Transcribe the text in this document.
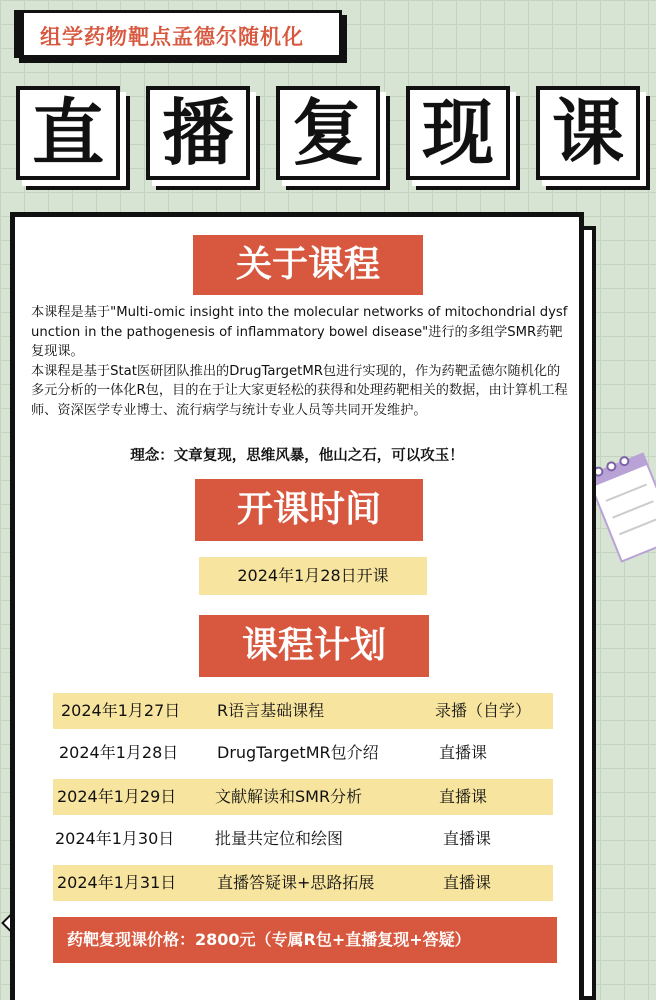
组学药物靶点孟德尔随机化
直 播 复 现 课
关于课程

本课程是基于"Multi-omic insight into the molecular networks of mitochondrial dysfunction in the pathogenesis of inflammatory bowel disease"进行的多组学SMR药靶复现课。

本课程是基于Stat医研团队推出的DrugTargetMR包进行实现的，作为药靶孟德尔随机化的多元分析的一体化R包，目的在于让大家更轻松的获得和处理药靶相关的数据，由计算机工程师、资深医学专业博士、流行病学与统计专业人员等共同开发维护。

理念：文章复现，思维风暴，他山之石，可以攻玉！
开课时间
2024年1月28日开课
课程计划
2024年1月27日 R语言基础课程	录播（自学）
2024年1月28日 DrugTargetMR包介绍	直播课
2024年1月29日 文献解读和SMR分析	直播课
2024年1月30日	批量共定位和绘图	直播课
2024年1月31日	直播答疑课+思路拓展	直播课
药靶复现课价格：2800元（专属R包+直播复现+答疑）
